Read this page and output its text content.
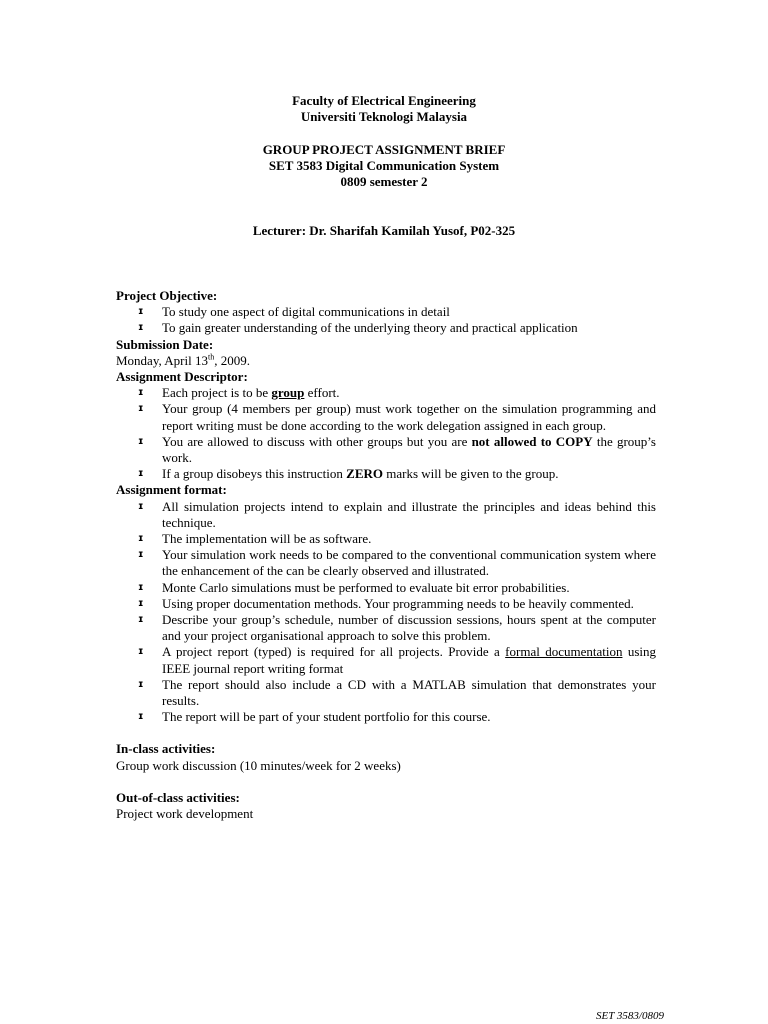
Faculty of Electrical Engineering
Universiti Teknologi Malaysia
GROUP PROJECT ASSIGNMENT BRIEF
SET 3583 Digital Communication System
0809 semester 2
Lecturer: Dr. Sharifah Kamilah Yusof, P02-325
Project Objective:
ɪ To study one aspect of digital communications in detail
ɪ To gain greater understanding of the underlying theory and practical application
Submission Date:
Monday, April 13th, 2009.
Assignment Descriptor:
ɪ Each project is to be group effort.
ɪ Your group (4 members per group) must work together on the simulation programming and report writing must be done according to the work delegation assigned in each group.
ɪ You are allowed to discuss with other groups but you are not allowed to COPY the group’s work.
ɪ If a group disobeys this instruction ZERO marks will be given to the group.
Assignment format:
ɪ All simulation projects intend to explain and illustrate the principles and ideas behind this technique.
ɪ The implementation will be as software.
ɪ Your simulation work needs to be compared to the conventional communication system where the enhancement of the can be clearly observed and illustrated.
ɪ Monte Carlo simulations must be performed to evaluate bit error probabilities.
ɪ Using proper documentation methods. Your programming needs to be heavily commented.
ɪ Describe your group’s schedule, number of discussion sessions, hours spent at the computer and your project organisational approach to solve this problem.
ɪ A project report (typed) is required for all projects. Provide a formal documentation using IEEE journal report writing format
ɪ The report should also include a CD with a MATLAB simulation that demonstrates your results.
ɪ The report will be part of your student portfolio for this course.
In-class activities:
Group work discussion (10 minutes/week for 2 weeks)
Out-of-class activities:
Project work development
SET 3583/0809
